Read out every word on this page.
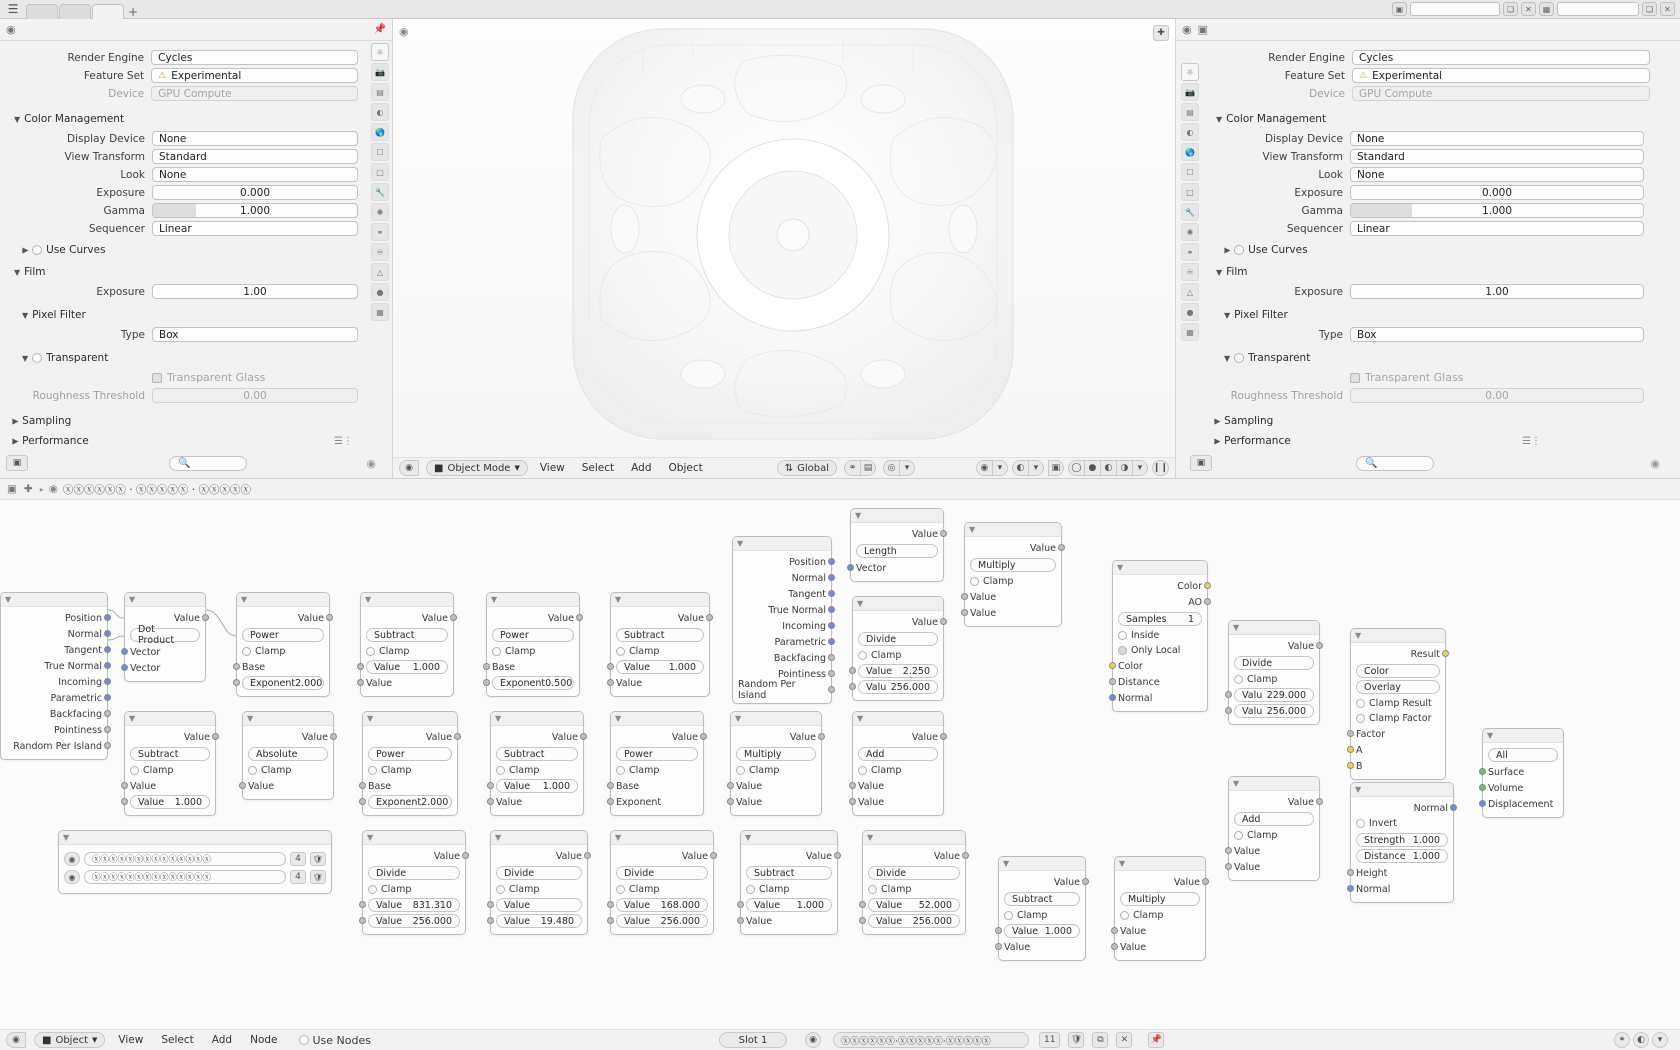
☰	+	▣	❏	✕	▦	❏	✕
◉	📌
☼
📷
▤
◐
🌎
☐
□
🔧
✺
⚭
♾
△
●
▦
Render Engine	Cycles
Feature Set	⚠ Experimental
Device	GPU Compute
▼ Color Management
Display Device	None
View Transform	Standard
Look	None
Exposure	0.000
Gamma	1.000
Sequencer	Linear
▼ Use Curves
▼ Film
Exposure	1.00
▼ Pixel Filter
Type	Box
▼ Transparent
Transparent Glass
Roughness Threshold	0.00
▼ Sampling
▼ Performance	☰⋮
▣	🔍	◉
◉	✚
◉	■ Object Mode ▼	View	Select	Add	Object	⇅ Global	⚭ ▤	◎	▾	◉	▾	◐	▾	▣	◯ ● ◐ ◑	▾	❙❙
◉ ▣
☼
📷
▤
◐
🌎
☐
□
🔧
✺
⚭
♾
△
●
▦
Render Engine	Cycles
Feature Set	⚠ Experimental
Device	GPU Compute
▼ Color Management
Display Device	None
View Transform	Standard
Look	None
Exposure	0.000
Gamma	1.000
Sequencer	Linear
▼ Use Curves
▼ Film
Exposure	1.00
▼ Pixel Filter
Type	Box
▼ Transparent
Transparent Glass
Roughness Threshold	0.00
▼ Sampling
▼ Performance	☰⋮
▣	🔍	◉
▣ ✚ ▸ ◉ ⓧⓧⓧⓧⓧⓧ · ⓧⓧⓧⓧⓧ · ⓧⓧⓧⓧⓧ
▼
Position
Normal
Tangent
True Normal
Incoming
Parametric
Backfacing
Pointiness
Random Per Island
▼
Value
Dot Product
Vector
Vector
▼
Value
Power
Clamp
Base
Exponent 2.000
▼
Value
Subtract
Clamp
Value 1.000
Value
▼
Value
Power
Clamp
Base
Exponent 0.500
▼
Value
Subtract
Clamp
Value 1.000
Value
▼
Position
Normal
Tangent
True Normal
Incoming
Parametric
Backfacing
Pointiness
Random Per Island
▼
Value
Length
Vector
▼
Value
Multiply
Clamp
Value
Value
▼
Value
Divide
Clamp
Value 2.250
Valu 256.000
▼
Color
AO
Samples 1
Inside
Only Local
Color
Distance
Normal
▼
Value
Divide
Clamp
Valu 229.000
Valu 256.000
▼
Result
Color
Overlay
Clamp Result
Clamp Factor
Factor
A
B
▼
All
Surface
Volume
Displacement
▼
Value
Subtract
Clamp
Value
Value 1.000
▼
Value
Absolute
Clamp
Value
▼
Value
Power
Clamp
Base
Exponent 2.000
▼
Value
Subtract
Clamp
Value 1.000
Value
▼
Value
Power
Clamp
Base
Exponent
▼
Value
Multiply
Clamp
Value
Value
▼
Value
Add
Clamp
Value
Value
▼
Value
Add
Clamp
Value
Value
▼
Normal
Invert
Strength 1.000
Distance 1.000
Height
Normal
▼
◉	ⓧⓧⓧⓧⓧⓧⓧⓧⓧⓧⓧⓧⓧⓧ	4	🛡
◉	ⓧⓧⓧⓧⓧⓧⓧⓧⓧⓧⓧⓧⓧⓧ	4	🛡
▼
Value
Divide
Clamp
Value 831.310
Value 256.000
▼
Value
Divide
Clamp
Value
Value 19.480
▼
Value
Divide
Clamp
Value 168.000
Value 256.000
▼
Value
Subtract
Clamp
Value 1.000
Value
▼
Value
Divide
Clamp
Value 52.000
Value 256.000
▼
Value
Subtract
Clamp
Value 1.000
Value
▼
Value
Multiply
Clamp
Value
Value
◉	■ Object ▼	View	Select	Add	Node	Use Nodes	Slot 1	◉	ⓧⓧⓧⓧⓧⓧ·ⓧⓧⓧⓧⓧ·ⓧⓧⓧⓧⓧ	11 🛡	⧉	✕	📌	⚭	◐	▾
